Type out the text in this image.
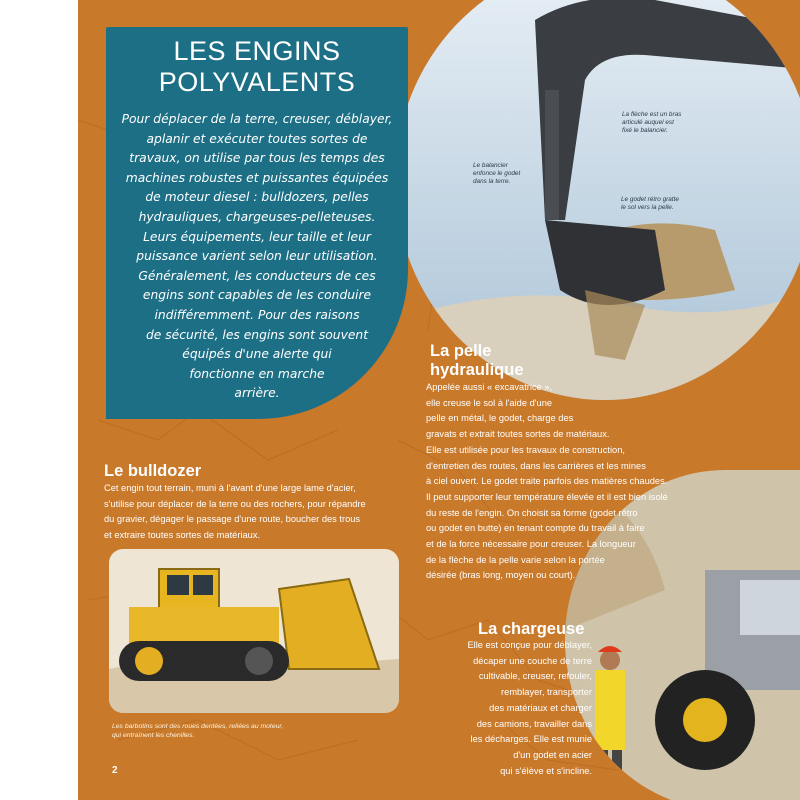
LES ENGINS
POLYVALENTS
Pour déplacer de la terre, creuser, déblayer,
aplanir et exécuter toutes sortes de
travaux, on utilise par tous les temps des
machines robustes et puissantes équipées
de moteur diesel : bulldozers, pelles
hydrauliques, chargeuses-pelleteuses.
Leurs équipements, leur taille et leur
puissance varient selon leur utilisation.
Généralement, les conducteurs de ces
engins sont capables de les conduire
indifféremment. Pour des raisons
de sécurité, les engins sont souvent
équipés d'une alerte qui
fonctionne en marche
arrière.
La flèche est un bras
articulé auquel est
fixé le balancier.
Le balancier
enfonce le godet
dans la terre.
Le godet rétro gratte
le sol vers la pelle.
La pelle
hydraulique
Appelée aussi « excavatrice »,
elle creuse le sol à l'aide d'une
pelle en métal, le godet, charge des
gravats et extrait toutes sortes de matériaux.
Elle est utilisée pour les travaux de construction,
d'entretien des routes, dans les carrières et les mines
à ciel ouvert. Le godet traite parfois des matières chaudes.
Il peut supporter leur température élevée et il est bien isolé
du reste de l'engin. On choisit sa forme (godet rétro
ou godet en butte) en tenant compte du travail à faire
et de la force nécessaire pour creuser. La longueur
de la flèche de la pelle varie selon la portée
désirée (bras long, moyen ou court).
Le bulldozer
Cet engin tout terrain, muni à l'avant d'une large lame d'acier,
s'utilise pour déplacer de la terre ou des rochers, pour répandre
du gravier, dégager le passage d'une route, boucher des trous
et extraire toutes sortes de matériaux.
Les barbotins sont des roues dentées, reliées au moteur,
qui entraînent les chenilles.
La chargeuse
Elle est conçue pour déblayer,
décaper une couche de terre
cultivable, creuser, refouler,
remblayer, transporter
des matériaux et charger
des camions, travailler dans
les décharges. Elle est munie
d'un godet en acier
qui s'élève et s'incline.
2
